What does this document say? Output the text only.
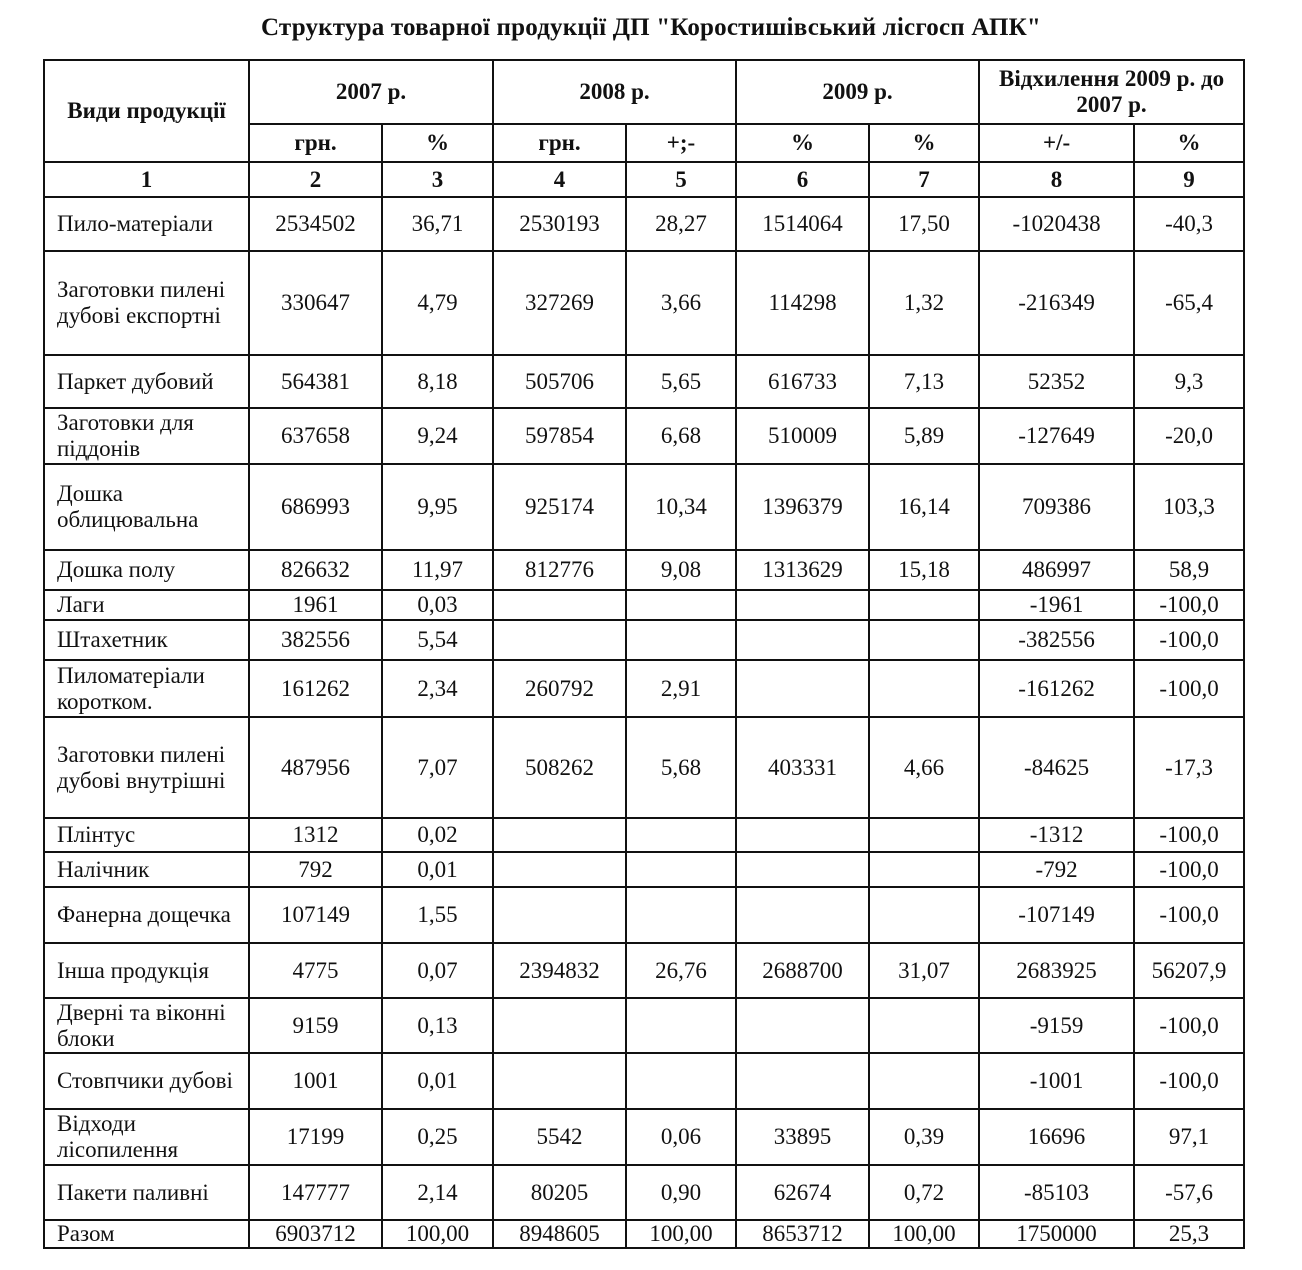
Структура товарної продукції ДП "Коростишівський лісгосп АПК"
Види продукції	2007 р.		2008 р.		2009 р.		Відхилення 2009 р. до 2007 р.	
	грн.	%	грн.	+;-	%	%	+/-	%
1	2	3	4	5	6	7	8	9
Пило-матеріали	2534502	36,71	2530193	28,27	1514064	17,50	-1020438	-40,3
Заготовки пилені дубові експортні	330647	4,79	327269	3,66	114298	1,32	-216349	-65,4
Паркет дубовий	564381	8,18	505706	5,65	616733	7,13	52352	9,3
Заготовки для піддонів	637658	9,24	597854	6,68	510009	5,89	-127649	-20,0
Дошка облицювальна	686993	9,95	925174	10,34	1396379	16,14	709386	103,3
Дошка полу	826632	11,97	812776	9,08	1313629	15,18	486997	58,9
Лаги	1961	0,03					-1961	-100,0
Штахетник	382556	5,54					-382556	-100,0
Пиломатеріали коротком.	161262	2,34	260792	2,91			-161262	-100,0
Заготовки пилені дубові внутрішні	487956	7,07	508262	5,68	403331	4,66	-84625	-17,3
Плінтус	1312	0,02					-1312	-100,0
Налічник	792	0,01					-792	-100,0
Фанерна дощечка	107149	1,55					-107149	-100,0
Інша продукція	4775	0,07	2394832	26,76	2688700	31,07	2683925	56207,9
Дверні та віконні блоки	9159	0,13					-9159	-100,0
Стовпчики дубові	1001	0,01					-1001	-100,0
Відходи лісопилення	17199	0,25	5542	0,06	33895	0,39	16696	97,1
Пакети паливні	147777	2,14	80205	0,90	62674	0,72	-85103	-57,6
Разом	6903712	100,00	8948605	100,00	8653712	100,00	1750000	25,3
